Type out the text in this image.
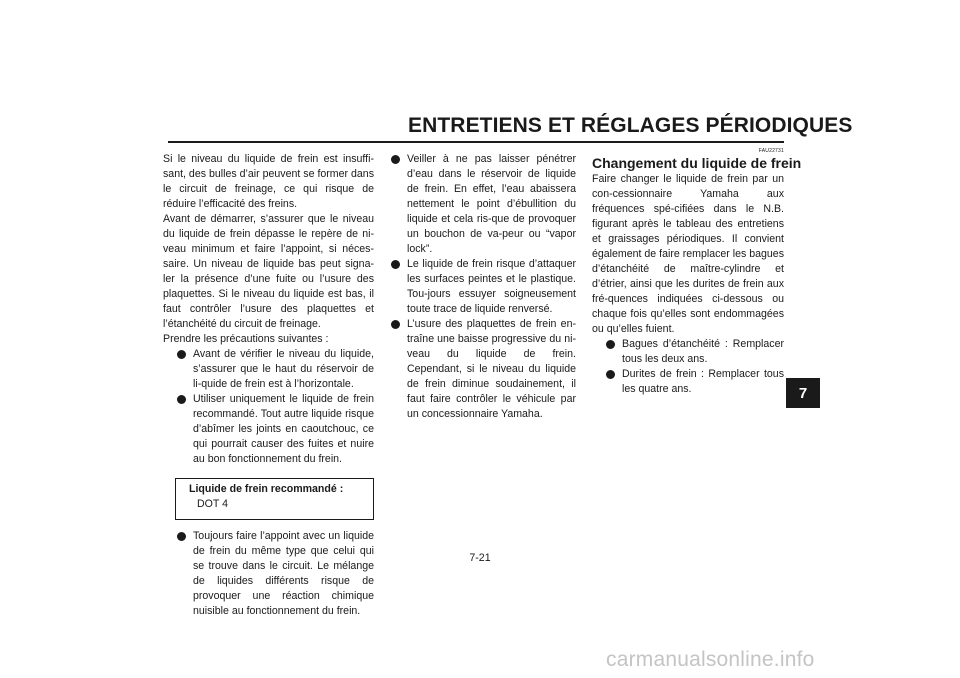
ENTRETIENS ET RÉGLAGES PÉRIODIQUES
7

Si le niveau du liquide de frein est insuffi-sant, des bulles d’air peuvent se former dans le circuit de freinage, ce qui risque de réduire l’efficacité des freins.

Avant de démarrer, s’assurer que le niveau du liquide de frein dépasse le repère de ni-veau minimum et faire l’appoint, si néces-saire. Un niveau de liquide bas peut signa-ler la présence d’une fuite ou l’usure des plaquettes. Si le niveau du liquide est bas, il faut contrôler l’usure des plaquettes et l’étanchéité du circuit de freinage.

Prendre les précautions suivantes :

Avant de vérifier le niveau du liquide, s’assurer que le haut du réservoir de li-quide de frein est à l’horizontale.
Utiliser uniquement le liquide de frein recommandé. Tout autre liquide risque d’abîmer les joints en caoutchouc, ce qui pourrait causer des fuites et nuire au bon fonctionnement du frein.
Liquide de frein recommandé :
DOT 4
Toujours faire l’appoint avec un liquide de frein du même type que celui qui se trouve dans le circuit. Le mélange de liquides différents risque de provoquer une réaction chimique nuisible au fonctionnement du frein.
Veiller à ne pas laisser pénétrer d’eau dans le réservoir de liquide de frein. En effet, l’eau abaissera nettement le point d’ébullition du liquide et cela ris-que de provoquer un bouchon de va-peur ou “vapor lock”.
Le liquide de frein risque d’attaquer les surfaces peintes et le plastique. Tou-jours essuyer soigneusement toute trace de liquide renversé.
L’usure des plaquettes de frein en-traîne une baisse progressive du ni-veau du liquide de frein. Cependant, si le niveau du liquide de frein diminue soudainement, il faut faire contrôler le véhicule par un concessionnaire Yamaha.
FAU22731
Changement du liquide de frein

Faire changer le liquide de frein par un con-cessionnaire Yamaha aux fréquences spé-cifiées dans le N.B. figurant après le tableau des entretiens et graissages périodiques. Il convient également de faire remplacer les bagues d’étanchéité de maître-cylindre et d’étrier, ainsi que les durites de frein aux fré-quences indiquées ci-dessous ou chaque fois qu’elles sont endommagées ou qu’elles fuient.

Bagues d’étanchéité : Remplacer tous les deux ans.
Durites de frein : Remplacer tous les quatre ans.
7-21
carmanualsonline.info
